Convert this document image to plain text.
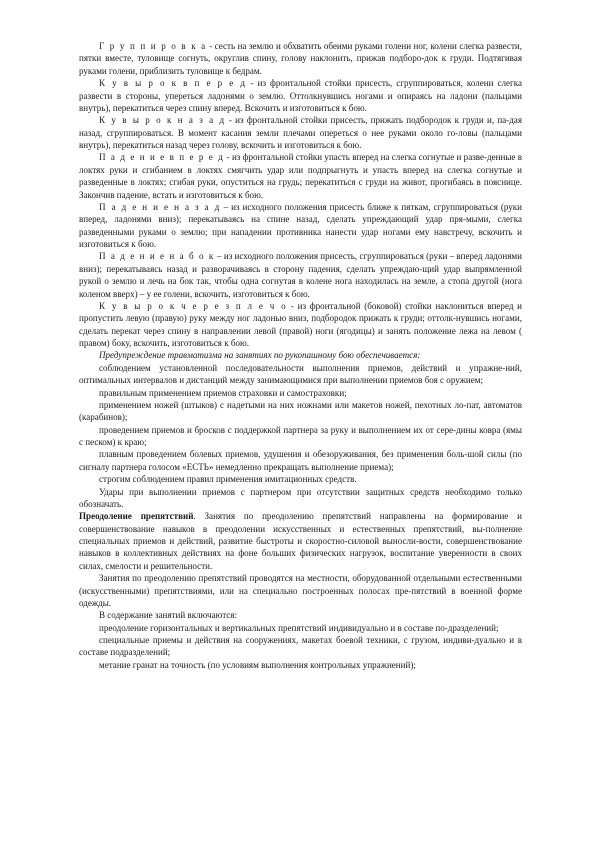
Г р у п п и р о в к а - сесть на землю и обхватить обеими руками голени ног, колени слегка развести, пятки вместе, туловище согнуть, округлив спину, голову наклонить, прижав подборо-док к груди. Подтягивая руками голени, приблизить туловище к бедрам.

К у в ы р о к в п е р е д - из фронтальной стойки присесть, сгруппироваться, колени слегка развести в стороны, упереться ладонями о землю. Оттолкнувшись ногами и опираясь на ладони (пальцами внутрь), перекатиться через спину вперед. Вскочить и изготовиться к бою.

К у в ы р о к н а з а д - из фронтальной стойки присесть, прижать подбородок к груди и, па-дая назад, сгруппироваться. В момент касания земли плечами опереться о нее руками около го-ловы (пальцами внутрь), перекатиться назад через голову, вскочить и изготовиться к бою.

П а д е н и е в п е р е д - из фронтальной стойки упасть вперед на слегка согнутые и разве-денные в локтях руки и сгибанием в локтях смягчить удар или подпрыгнуть и упасть вперед на слегка согнутые и разведенные в локтях; сгибая руки, опуститься на грудь; перекатиться с груди на живот, прогибаясь в пояснице. Закончив падение, встать и изготовиться к бою.

П а д е н и е н а з а д – из исходного положения присесть ближе к пяткам, сгруппироваться (руки вперед, ладонями вниз); перекатываясь на спине назад, сделать упреждающий удар пря-мыми, слегка разведенными руками о землю; при нападении противника нанести удар ногами ему навстречу, вскочить и изготовиться к бою.

П а д е н и е н а б о к – из исходного положения присесть, сгруппироваться (руки – вперед ладонями вниз); перекатываясь назад и разворачиваясь в сторону падения, сделать упреждаю-щий удар выпрямленной рукой о землю и лечь на бок так, чтобы одна согнутая в колене нога находилась на земле, а стопа другой (нога коленом вверх) – у ее голени, вскочить, изготовиться к бою.

К у в ы р о к ч е р е з п л е ч о - из фронтальной (боковой) стойки наклониться вперед и пропустить левую (правую) руку между ног ладонью вниз, подбородок прижать к груди; оттолк-нувшись ногами, сделать перекат через спину в направлении левой (правой) ноги (ягодицы) и занять положение лежа на левом ( правом) боку, вскочить, изготовиться к бою.

Предупреждение травматизма на занятиях по рукопашному бою обеспечивается:

соблюдением установленной последовательности выполнения приемов, действий и упражне-ний, оптимальных интервалов и дистанций между занимающимися при выполнении приемов боя с оружием;

правильным применением приемов страховки и самостраховки;

применением ножей (штыков) с надетыми на них ножнами или макетов ножей, пехотных ло-пат, автоматов (карабинов);

проведением приемов и бросков с поддержкой партнера за руку и выполнением их от сере-дины ковра (ямы с песком) к краю;

плавным проведением болевых приемов, удушения и обезоруживания, без применения боль-шой силы (по сигналу партнера голосом «ЕСТЬ» немедленно прекращать выполнение приема);

строгим соблюдением правил применения имитационных средств.

Удары при выполнении приемов с партнером при отсутствии защитных средств необходимо только обозначать.

Преодоление препятствий. Занятия по преодолению препятствий направлены на формирование и совершенствование навыков в преодолении искусственных и естественных препятствий, вы-полнение специальных приемов и действий, развитие быстроты и скоростно-силовой выносли-вости, совершенствование навыков в коллективных действиях на фоне больших физических нагрузок, воспитание уверенности в своих силах, смелости и решительности.

Занятия по преодолению препятствий проводятся на местности, оборудованной отдельными естественными (искусственными) препятствиями, или на специально построенных полосах пре-пятствий в военной форме одежды.

В содержание занятий включаются:

преодоление горизонтальных и вертикальных препятствий индивидуально и в составе по-дразделений;

специальные приемы и действия на сооружениях, макетах боевой техники, с грузом, индиви-дуально и в составе подразделений;

метание гранат на точность (по условиям выполнения контрольных упражнений);
